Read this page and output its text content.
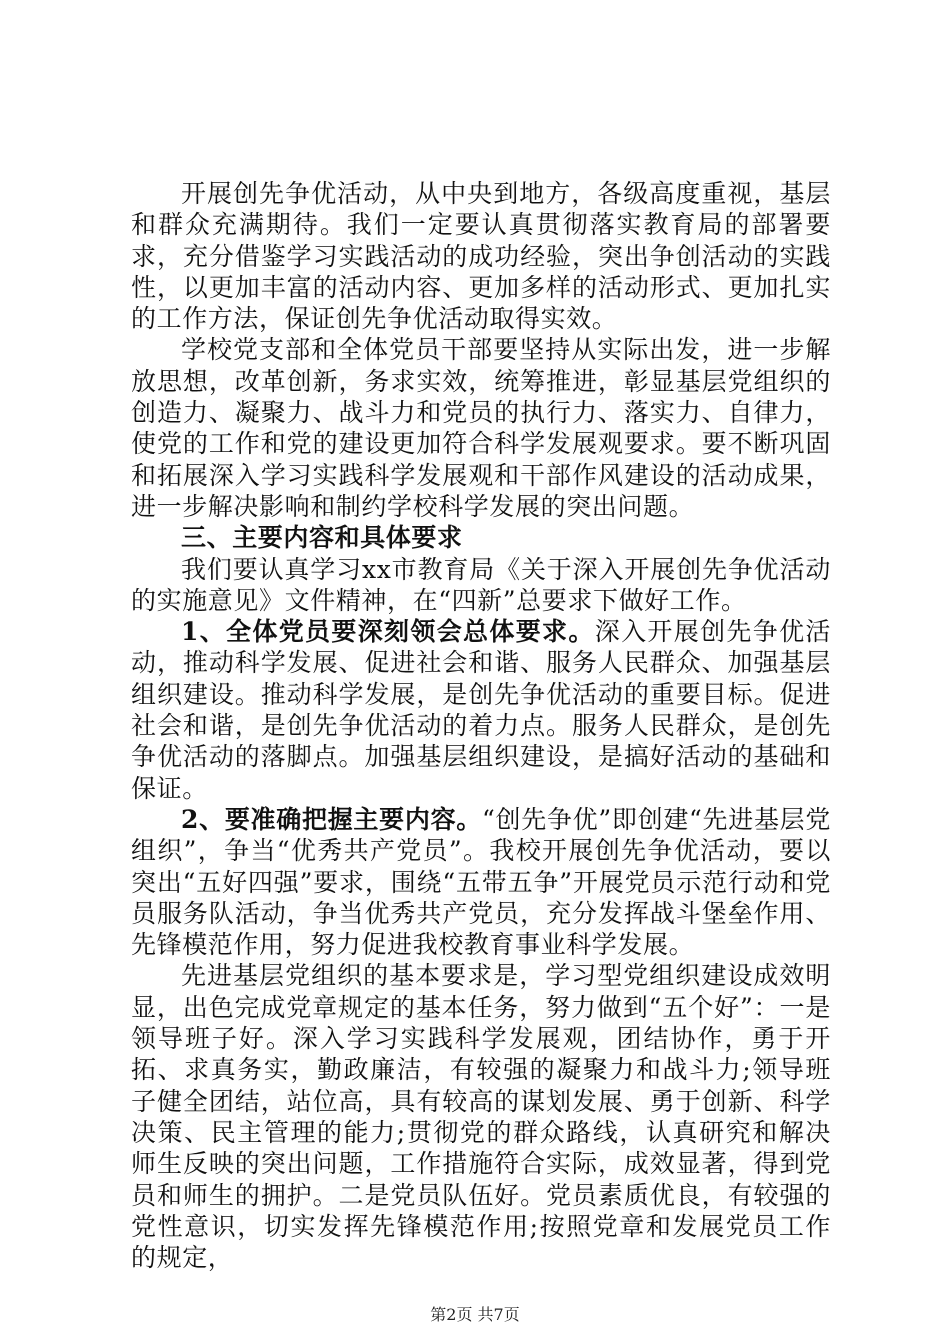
开展创先争优活动，从中央到地方，各级高度重视，基层和群众充满期待。我们一定要认真贯彻落实教育局的部署要求，充分借鉴学习实践活动的成功经验，突出争创活动的实践性，以更加丰富的活动内容、更加多样的活动形式、更加扎实的工作方法，保证创先争优活动取得实效。

学校党支部和全体党员干部要坚持从实际出发，进一步解放思想，改革创新，务求实效，统筹推进，彰显基层党组织的创造力、凝聚力、战斗力和党员的执行力、落实力、自律力，使党的工作和党的建设更加符合科学发展观要求。要不断巩固和拓展深入学习实践科学发展观和干部作风建设的活动成果，进一步解决影响和制约学校科学发展的突出问题。

三、主要内容和具体要求

我们要认真学习xx市教育局《关于深入开展创先争优活动的实施意见》文件精神，在“四新”总要求下做好工作。

1、全体党员要深刻领会总体要求。深入开展创先争优活动，推动科学发展、促进社会和谐、服务人民群众、加强基层组织建设。推动科学发展，是创先争优活动的重要目标。促进社会和谐，是创先争优活动的着力点。服务人民群众，是创先争优活动的落脚点。加强基层组织建设，是搞好活动的基础和保证。

2、要准确把握主要内容。“创先争优”即创建“先进基层党组织”，争当“优秀共产党员”。我校开展创先争优活动，要以突出“五好四强”要求，围绕“五带五争”开展党员示范行动和党员服务队活动，争当优秀共产党员，充分发挥战斗堡垒作用、先锋模范作用，努力促进我校教育事业科学发展。

先进基层党组织的基本要求是，学习型党组织建设成效明显，出色完成党章规定的基本任务，努力做到“五个好”：一是领导班子好。深入学习实践科学发展观，团结协作，勇于开拓、求真务实，勤政廉洁，有较强的凝聚力和战斗力;领导班子健全团结，站位高，具有较高的谋划发展、勇于创新、科学决策、民主管理的能力;贯彻党的群众路线，认真研究和解决师生反映的突出问题，工作措施符合实际，成效显著，得到党员和师生的拥护。二是党员队伍好。党员素质优良，有较强的党性意识，切实发挥先锋模范作用;按照党章和发展党员工作的规定，

第2页 共7页
